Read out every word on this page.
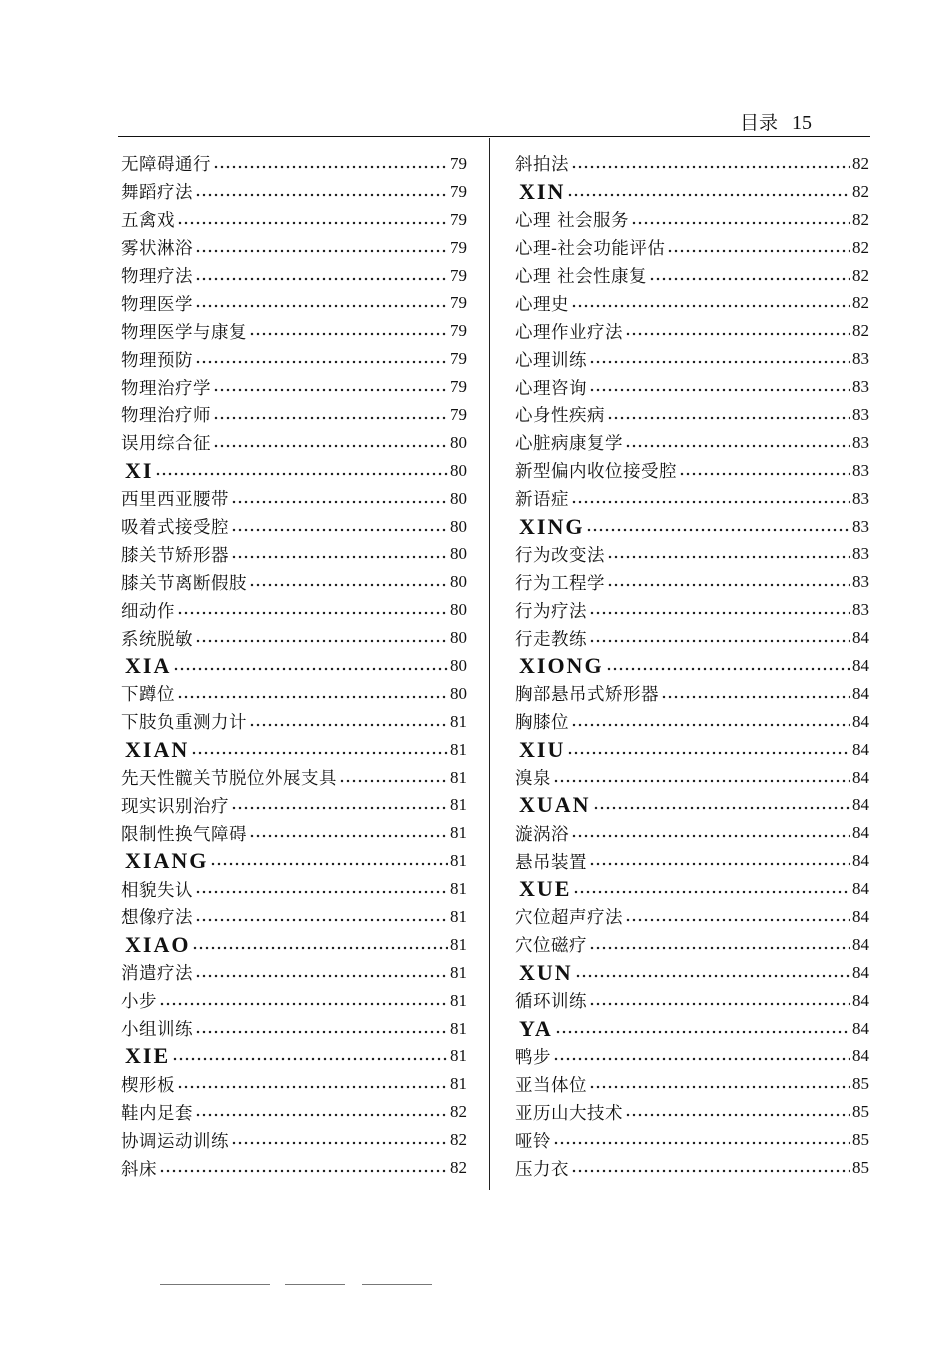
目录 15
无障碍通行	79
舞蹈疗法	79
五禽戏	79
雾状淋浴	79
物理疗法	79
物理医学	79
物理医学与康复	79
物理预防	79
物理治疗学	79
物理治疗师	79
误用综合征	80
XI	80
西里西亚腰带	80
吸着式接受腔	80
膝关节矫形器	80
膝关节离断假肢	80
细动作	80
系统脱敏	80
XIA	80
下蹲位	80
下肢负重测力计	81
XIAN	81
先天性髋关节脱位外展支具	81
现实识别治疗	81
限制性换气障碍	81
XIANG	81
相貌失认	81
想像疗法	81
XIAO	81
消遣疗法	81
小步	81
小组训练	81
XIE	81
楔形板	81
鞋内足套	82
协调运动训练	82
斜床	82
斜拍法	82
XIN	82
心理 社会服务	82
心理-社会功能评估	82
心理 社会性康复	82
心理史	82
心理作业疗法	82
心理训练	83
心理咨询	83
心身性疾病	83
心脏病康复学	83
新型偏内收位接受腔	83
新语症	83
XING	83
行为改变法	83
行为工程学	83
行为疗法	83
行走教练	84
XIONG	84
胸部悬吊式矫形器	84
胸膝位	84
XIU	84
溴泉	84
XUAN	84
漩涡浴	84
悬吊装置	84
XUE	84
穴位超声疗法	84
穴位磁疗	84
XUN	84
循环训练	84
YA	84
鸭步	84
亚当体位	85
亚历山大技术	85
哑铃	85
压力衣	85
